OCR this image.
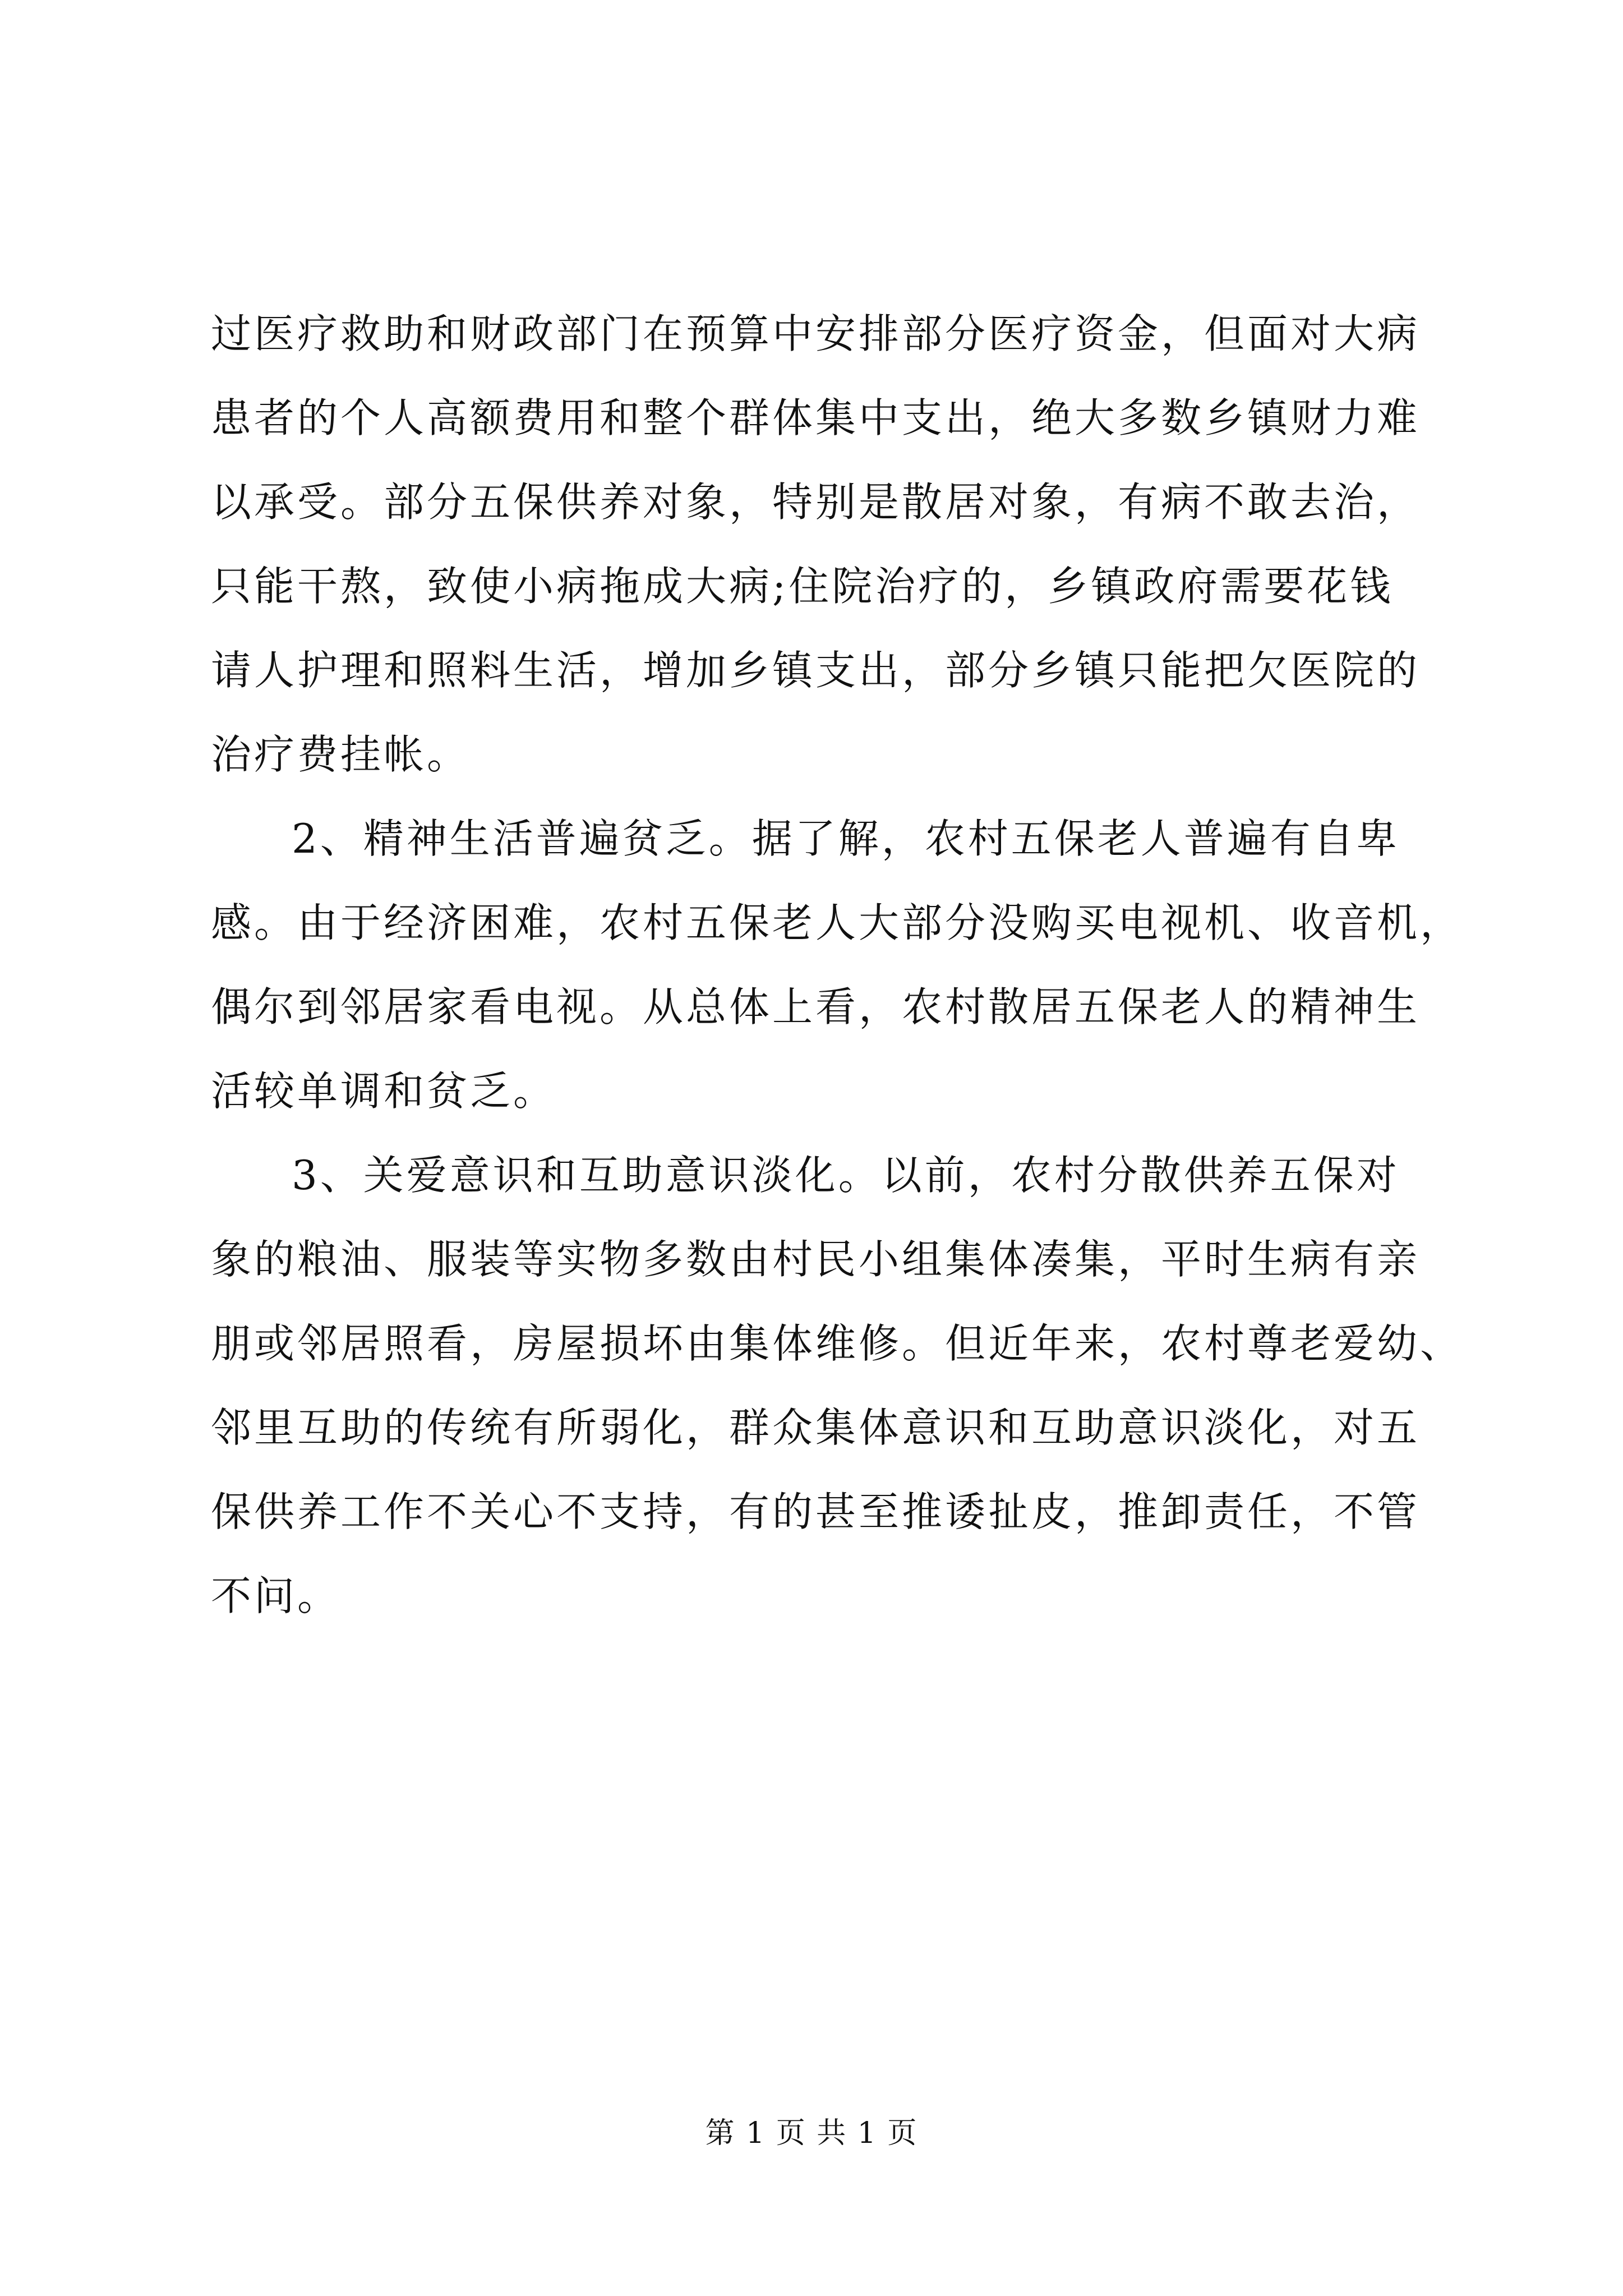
过医疗救助和财政部门在预算中安排部分医疗资金，但面对大病
患者的个人高额费用和整个群体集中支出，绝大多数乡镇财力难
以承受。部分五保供养对象，特别是散居对象，有病不敢去治，
只能干熬，致使小病拖成大病;住院治疗的，乡镇政府需要花钱
请人护理和照料生活，增加乡镇支出，部分乡镇只能把欠医院的
治疗费挂帐。
2、精神生活普遍贫乏。据了解，农村五保老人普遍有自卑
感。由于经济困难，农村五保老人大部分没购买电视机、收音机，
偶尔到邻居家看电视。从总体上看，农村散居五保老人的精神生
活较单调和贫乏。
3、关爱意识和互助意识淡化。以前，农村分散供养五保对
象的粮油、服装等实物多数由村民小组集体凑集，平时生病有亲
朋或邻居照看，房屋损坏由集体维修。但近年来，农村尊老爱幼、
邻里互助的传统有所弱化，群众集体意识和互助意识淡化，对五
保供养工作不关心不支持，有的甚至推诿扯皮，推卸责任，不管
不问。
第 1 页 共 1 页
